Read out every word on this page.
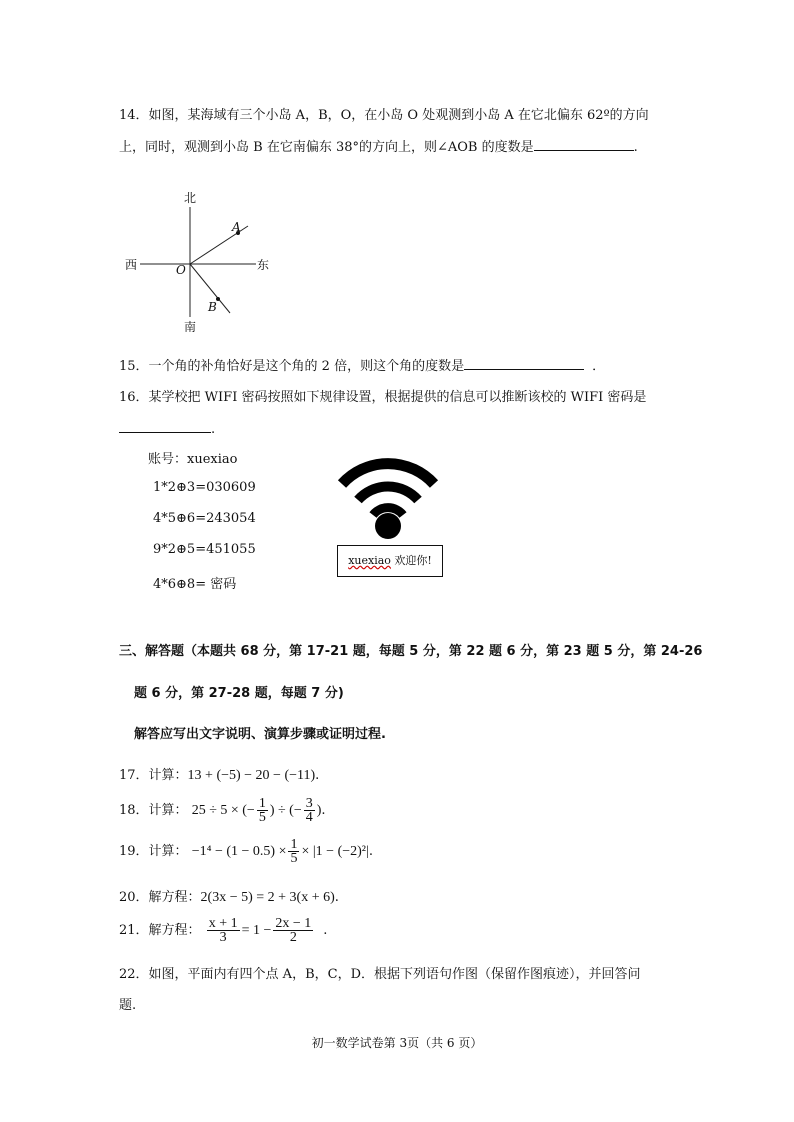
14．如图，某海域有三个小岛 A，B，O，在小岛 O 处观测到小岛 A 在它北偏东 62º的方向
上，同时，观测到小岛 B 在它南偏东 38°的方向上，则∠AOB 的度数是	.
北
南
西	东
O
A
B
15．一个角的补角恰好是这个角的 2 倍，则这个角的度数是	．
16．某学校把 WIFI 密码按照如下规律设置，根据提供的信息可以推断该校的 WIFI 密码是
.
账号：xuexiao
1*2⊕3=030609
4*5⊕6=243054
9*2⊕5=451055
4*6⊕8= 密码
xuexiao 欢迎你!
三、解答题（本题共 68 分，第 17-21 题，每题 5 分，第 22 题 6 分，第 23 题 5 分，第 24-26
题 6 分，第 27-28 题，每题 7 分)
解答应写出文字说明、演算步骤或证明过程.
17．计算：13 + (−5) − 20 − (−11).
18．计算： 25 ÷ 5 × (− $\frac{1}{5}$ ) ÷ (− $\frac{3}{4}$ ).
19．计算： $-1^4 - (1 - 0.5) \times \frac{1}{5} \times |1 - (-2)^2|$.
20．解方程：2(3x − 5) = 2 + 3(x + 6).
21．解方程： $\frac{x + 1}{3} = 1 - \frac{2x - 1}{2}$ .
22．如图，平面内有四个点 A，B，C，D．根据下列语句作图（保留作图痕迹），并回答问
题.
初一数学试卷第 3页（共 6 页）
